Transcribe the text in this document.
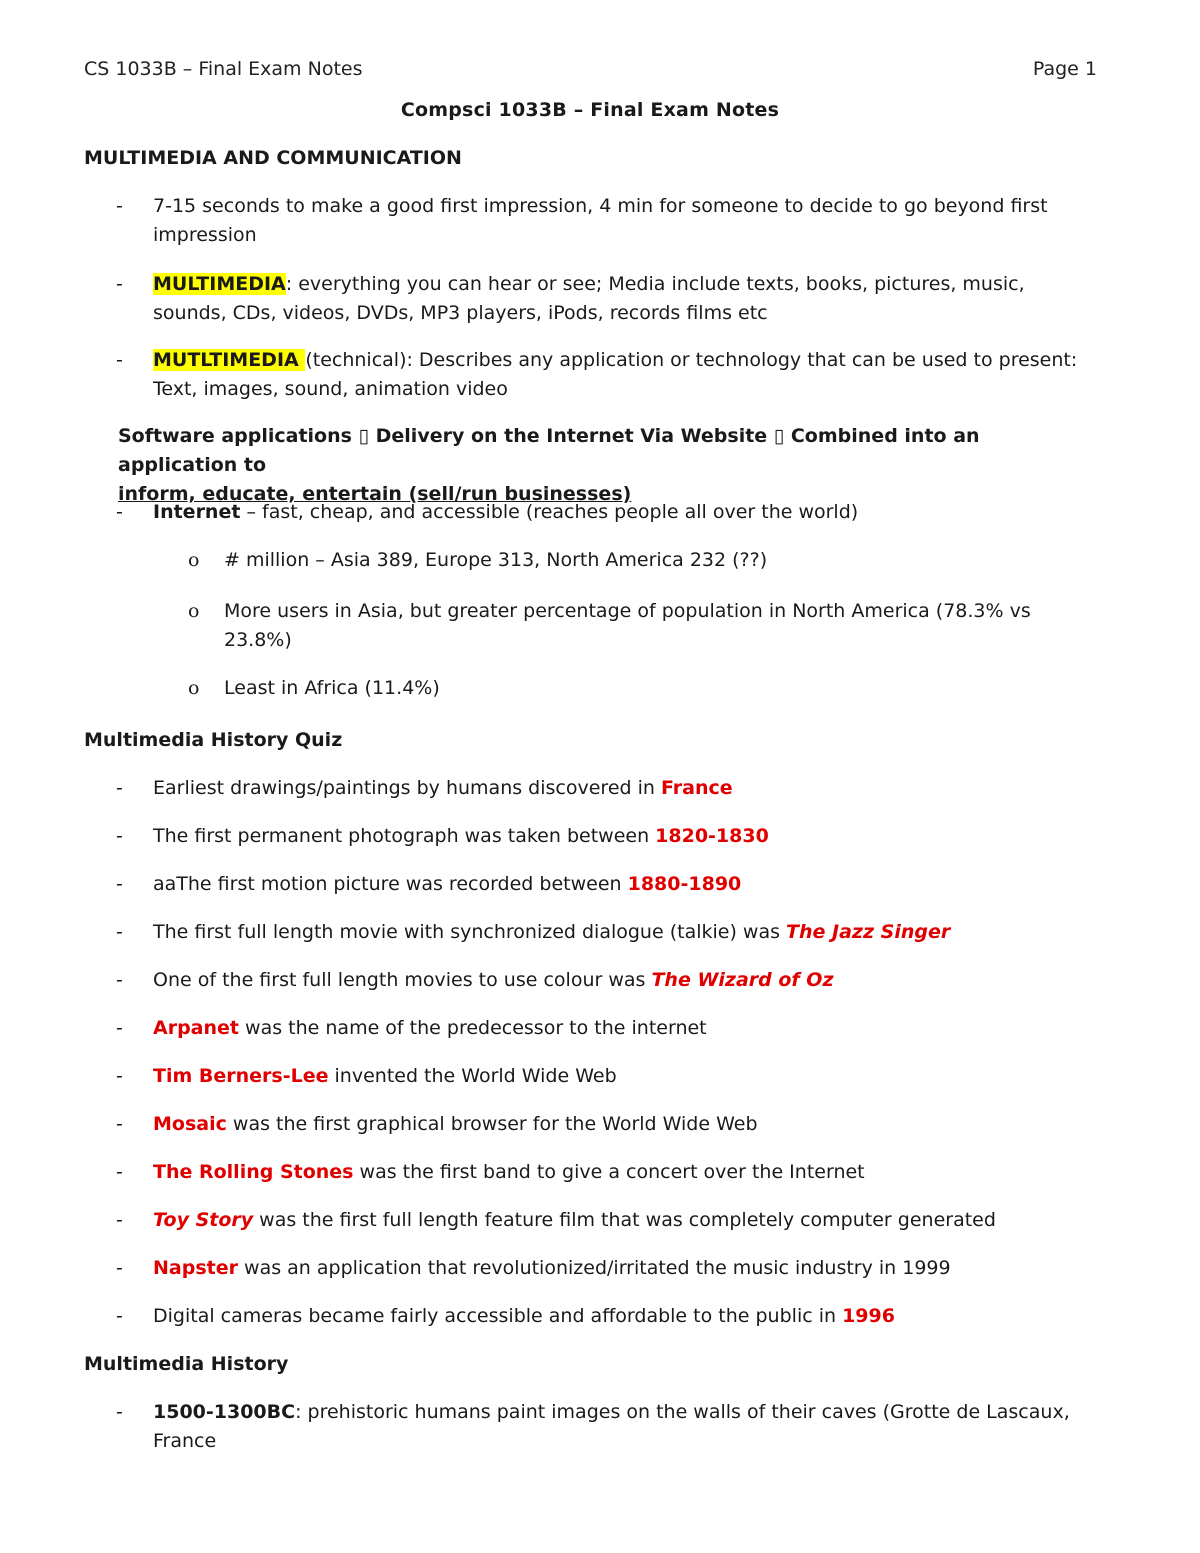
CS 1033B – Final Exam Notes	Page 1
Compsci 1033B – Final Exam Notes
MULTIMEDIA AND COMMUNICATION
- 7-15 seconds to make a good first impression, 4 min for someone to decide to go beyond first impression
- MULTIMEDIA: everything you can hear or see; Media include texts, books, pictures, music, sounds, CDs, videos, DVDs, MP3 players, iPods, records films etc
- MUTLTIMEDIA (technical): Describes any application or technology that can be used to present: Text, images, sound, animation video
Software applications ▯ Delivery on the Internet Via Website ▯ Combined into an application to
inform, educate, entertain (sell/run businesses)
- Internet – fast, cheap, and accessible (reaches people all over the world)
o # million – Asia 389, Europe 313, North America 232 (??)
o More users in Asia, but greater percentage of population in North America (78.3% vs 23.8%)
o Least in Africa (11.4%)
Multimedia History Quiz
- Earliest drawings/paintings by humans discovered in France
- The first permanent photograph was taken between 1820-1830
- aaThe first motion picture was recorded between 1880-1890
- The first full length movie with synchronized dialogue (talkie) was The Jazz Singer
- One of the first full length movies to use colour was The Wizard of Oz
- Arpanet was the name of the predecessor to the internet
- Tim Berners-Lee invented the World Wide Web
- Mosaic was the first graphical browser for the World Wide Web
- The Rolling Stones was the first band to give a concert over the Internet
- Toy Story was the first full length feature film that was completely computer generated
- Napster was an application that revolutionized/irritated the music industry in 1999
- Digital cameras became fairly accessible and affordable to the public in 1996
Multimedia History
- 1500-1300BC: prehistoric humans paint images on the walls of their caves (Grotte de Lascaux, France
